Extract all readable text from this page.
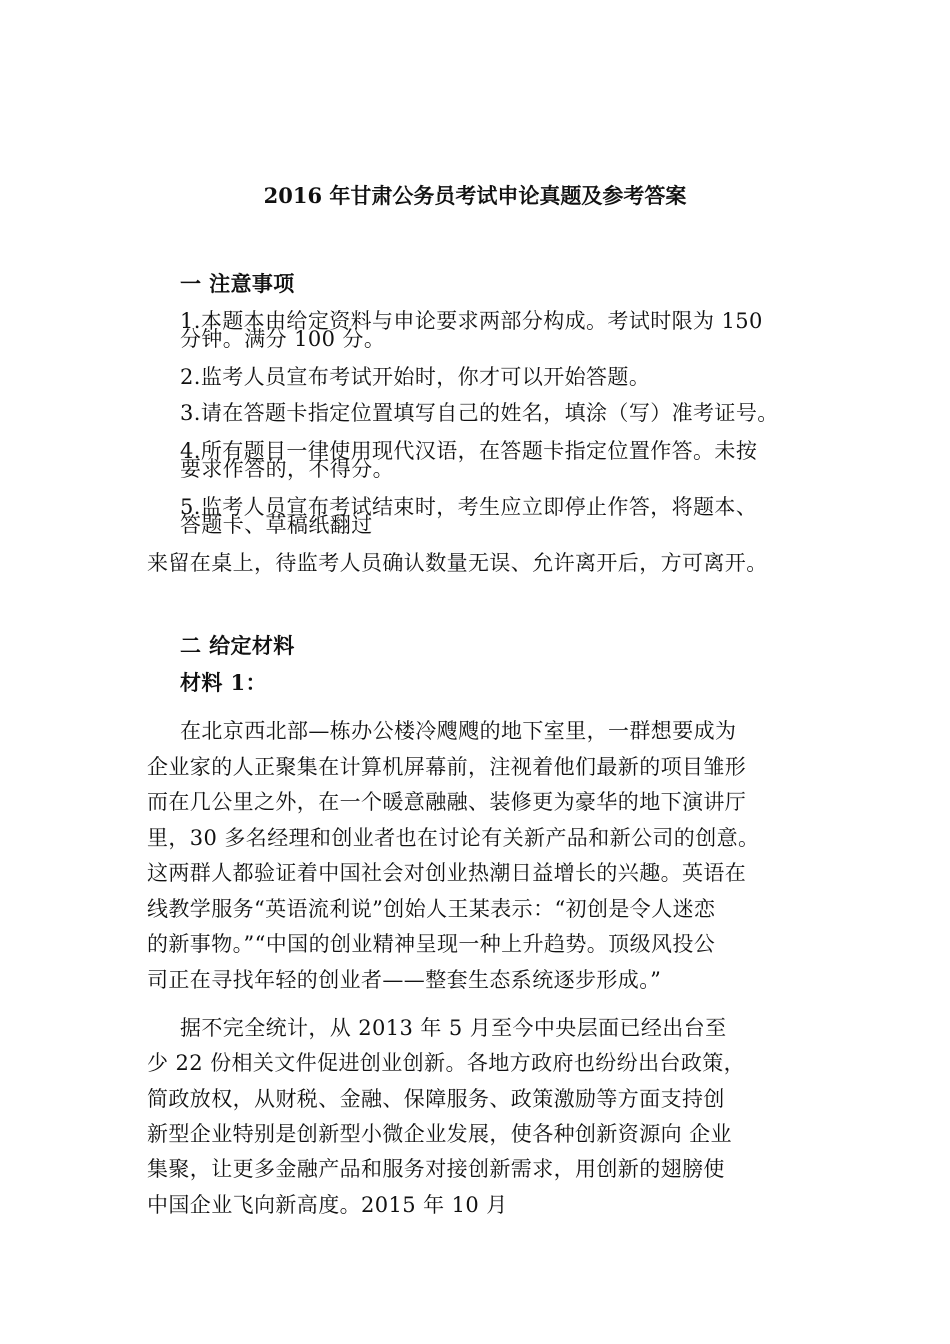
2016 年甘肃公务员考试申论真题及参考答案
一 注意事项
1.本题本由给定资料与申论要求两部分构成。考试时限为 150
分钟。满分 100 分。
2.监考人员宣布考试开始时，你才可以开始答题。
3.请在答题卡指定位置填写自己的姓名，填涂（写）准考证号。
4.所有题目一律使用现代汉语，在答题卡指定位置作答。未按
要求作答的，不得分。
5.监考人员宣布考试结束时，考生应立即停止作答，将题本、
答题卡、草稿纸翻过
来留在桌上，待监考人员确认数量无误、允许离开后，方可离开。
二 给定材料
材料 1：
在北京西北部—栋办公楼冷飕飕的地下室里，一群想要成为
企业家的人正聚集在计算机屏幕前，注视着他们最新的项目雏形
而在几公里之外，在一个暖意融融、装修更为豪华的地下演讲厅
里，30 多名经理和创业者也在讨论有关新产品和新公司的创意。
这两群人都验证着中国社会对创业热潮日益增长的兴趣。英语在
线教学服务“英语流利说”创始人王某表示：“初创是令人迷恋
的新事物。”“中国的创业精神呈现一种上升趋势。顶级风投公
司正在寻找年轻的创业者——整套生态系统逐步形成。”
据不完全统计，从 2013 年 5 月至今中央层面已经出台至
少 22 份相关文件促进创业创新。各地方政府也纷纷出台政策，
简政放权，从财税、金融、保障服务、政策激励等方面支持创
新型企业特别是创新型小微企业发展，使各种创新资源向 企业
集聚，让更多金融产品和服务对接创新需求，用创新的翅膀使
中国企业飞向新高度。2015 年 10 月
